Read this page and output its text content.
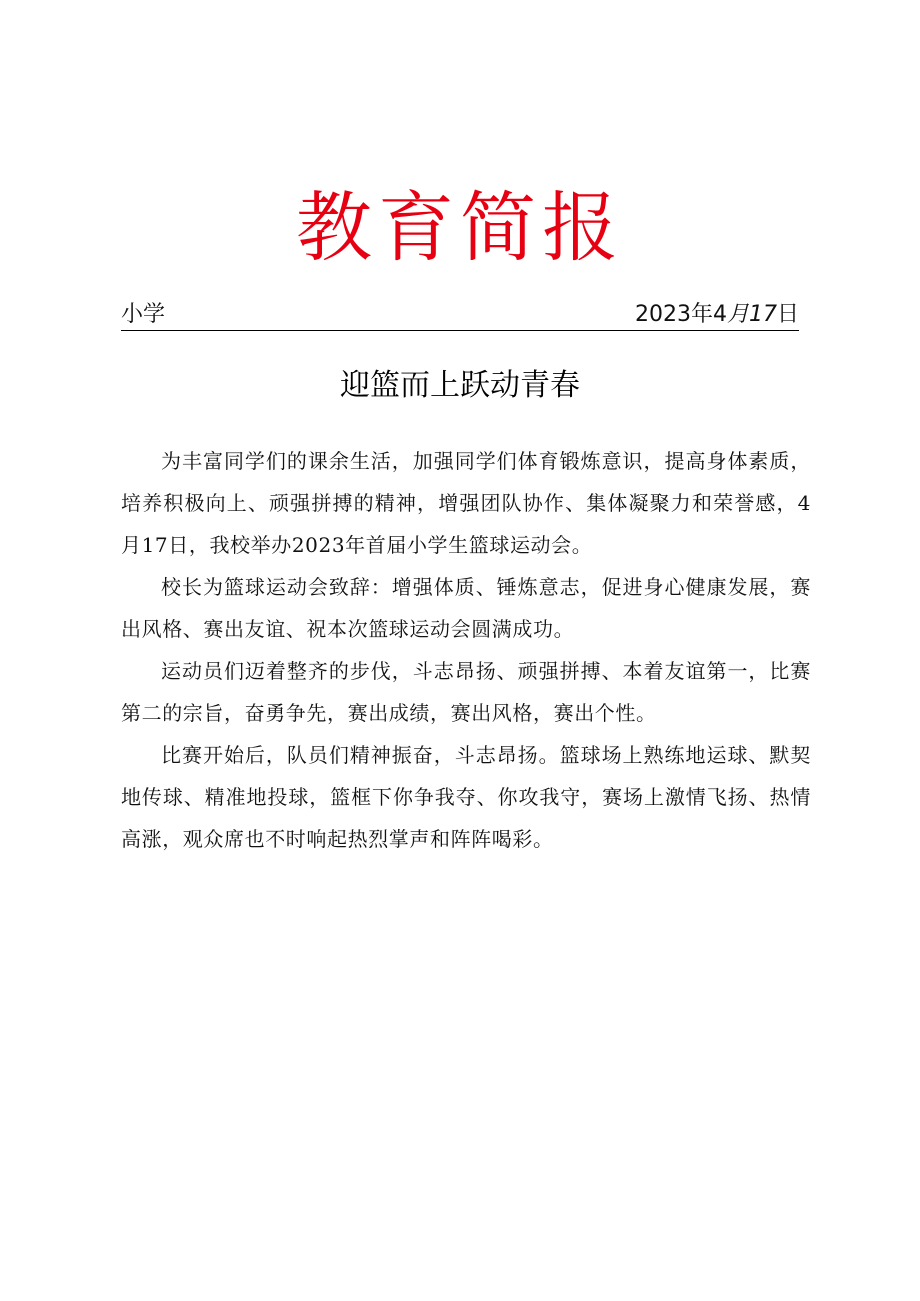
教育简报
小学	2023年4月17日
迎篮而上跃动青春

为丰富同学们的课余生活，加强同学们体育锻炼意识，提高身体素质，培养积极向上、顽强拼搏的精神，增强团队协作、集体凝聚力和荣誉感，4月17日，我校举办2023年首届小学生篮球运动会。

校长为篮球运动会致辞：增强体质、锤炼意志，促进身心健康发展，赛出风格、赛出友谊、祝本次篮球运动会圆满成功。

运动员们迈着整齐的步伐，斗志昂扬、顽强拼搏、本着友谊第一，比赛第二的宗旨，奋勇争先，赛出成绩，赛出风格，赛出个性。

比赛开始后，队员们精神振奋，斗志昂扬。篮球场上熟练地运球、默契地传球、精准地投球，篮框下你争我夺、你攻我守，赛场上激情飞扬、热情高涨，观众席也不时响起热烈掌声和阵阵喝彩。
